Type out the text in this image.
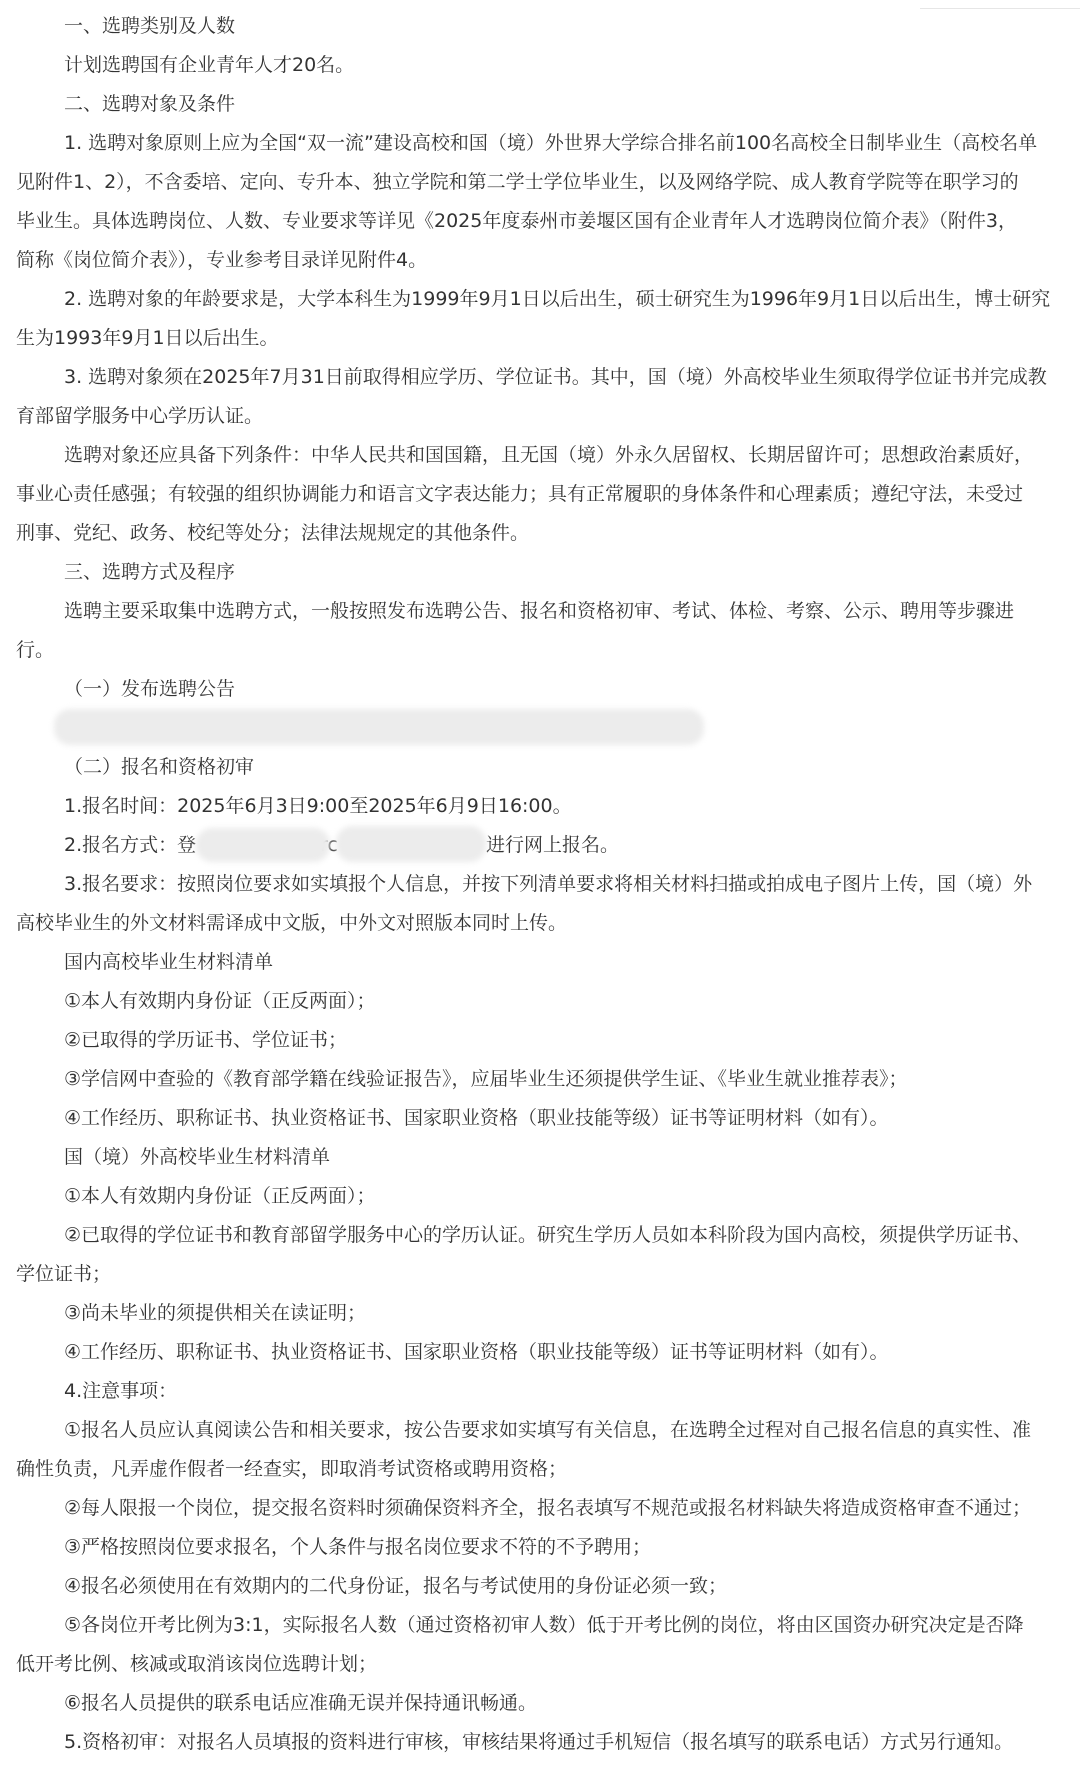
一、选聘类别及人数
计划选聘国有企业青年人才20名。
二、选聘对象及条件
1. 选聘对象原则上应为全国“双一流”建设高校和国（境）外世界大学综合排名前100名高校全日制毕业生（高校名单
见附件1、2），不含委培、定向、专升本、独立学院和第二学士学位毕业生，以及网络学院、成人教育学院等在职学习的
毕业生。具体选聘岗位、人数、专业要求等详见《2025年度泰州市姜堰区国有企业青年人才选聘岗位简介表》（附件3，
简称《岗位简介表》），专业参考目录详见附件4。
2. 选聘对象的年龄要求是，大学本科生为1999年9月1日以后出生，硕士研究生为1996年9月1日以后出生，博士研究
生为1993年9月1日以后出生。
3. 选聘对象须在2025年7月31日前取得相应学历、学位证书。其中，国（境）外高校毕业生须取得学位证书并完成教
育部留学服务中心学历认证。
选聘对象还应具备下列条件：中华人民共和国国籍，且无国（境）外永久居留权、长期居留许可；思想政治素质好，
事业心责任感强；有较强的组织协调能力和语言文字表达能力；具有正常履职的身体条件和心理素质；遵纪守法，未受过
刑事、党纪、政务、校纪等处分；法律法规规定的其他条件。
三、选聘方式及程序
选聘主要采取集中选聘方式，一般按照发布选聘公告、报名和资格初审、考试、体检、考察、公示、聘用等步骤进
行。
（一）发布选聘公告
（二）报名和资格初审
1.报名时间：2025年6月3日9:00至2025年6月9日16:00。
2.报名方式：登	进行网上报名。
3.报名要求：按照岗位要求如实填报个人信息，并按下列清单要求将相关材料扫描或拍成电子图片上传，国（境）外
高校毕业生的外文材料需译成中文版，中外文对照版本同时上传。
国内高校毕业生材料清单
①本人有效期内身份证（正反两面）；
②已取得的学历证书、学位证书；
③学信网中查验的《教育部学籍在线验证报告》，应届毕业生还须提供学生证、《毕业生就业推荐表》；
④工作经历、职称证书、执业资格证书、国家职业资格（职业技能等级）证书等证明材料（如有）。
国（境）外高校毕业生材料清单
①本人有效期内身份证（正反两面）；
②已取得的学位证书和教育部留学服务中心的学历认证。研究生学历人员如本科阶段为国内高校，须提供学历证书、
学位证书；
③尚未毕业的须提供相关在读证明；
④工作经历、职称证书、执业资格证书、国家职业资格（职业技能等级）证书等证明材料（如有）。
4.注意事项：
①报名人员应认真阅读公告和相关要求，按公告要求如实填写有关信息，在选聘全过程对自己报名信息的真实性、准
确性负责，凡弄虚作假者一经查实，即取消考试资格或聘用资格；
②每人限报一个岗位，提交报名资料时须确保资料齐全，报名表填写不规范或报名材料缺失将造成资格审查不通过；
③严格按照岗位要求报名，个人条件与报名岗位要求不符的不予聘用；
④报名必须使用在有效期内的二代身份证，报名与考试使用的身份证必须一致；
⑤各岗位开考比例为3:1，实际报名人数（通过资格初审人数）低于开考比例的岗位，将由区国资办研究决定是否降
低开考比例、核减或取消该岗位选聘计划；
⑥报名人员提供的联系电话应准确无误并保持通讯畅通。
5.资格初审：对报名人员填报的资料进行审核，审核结果将通过手机短信（报名填写的联系电话）方式另行通知。
